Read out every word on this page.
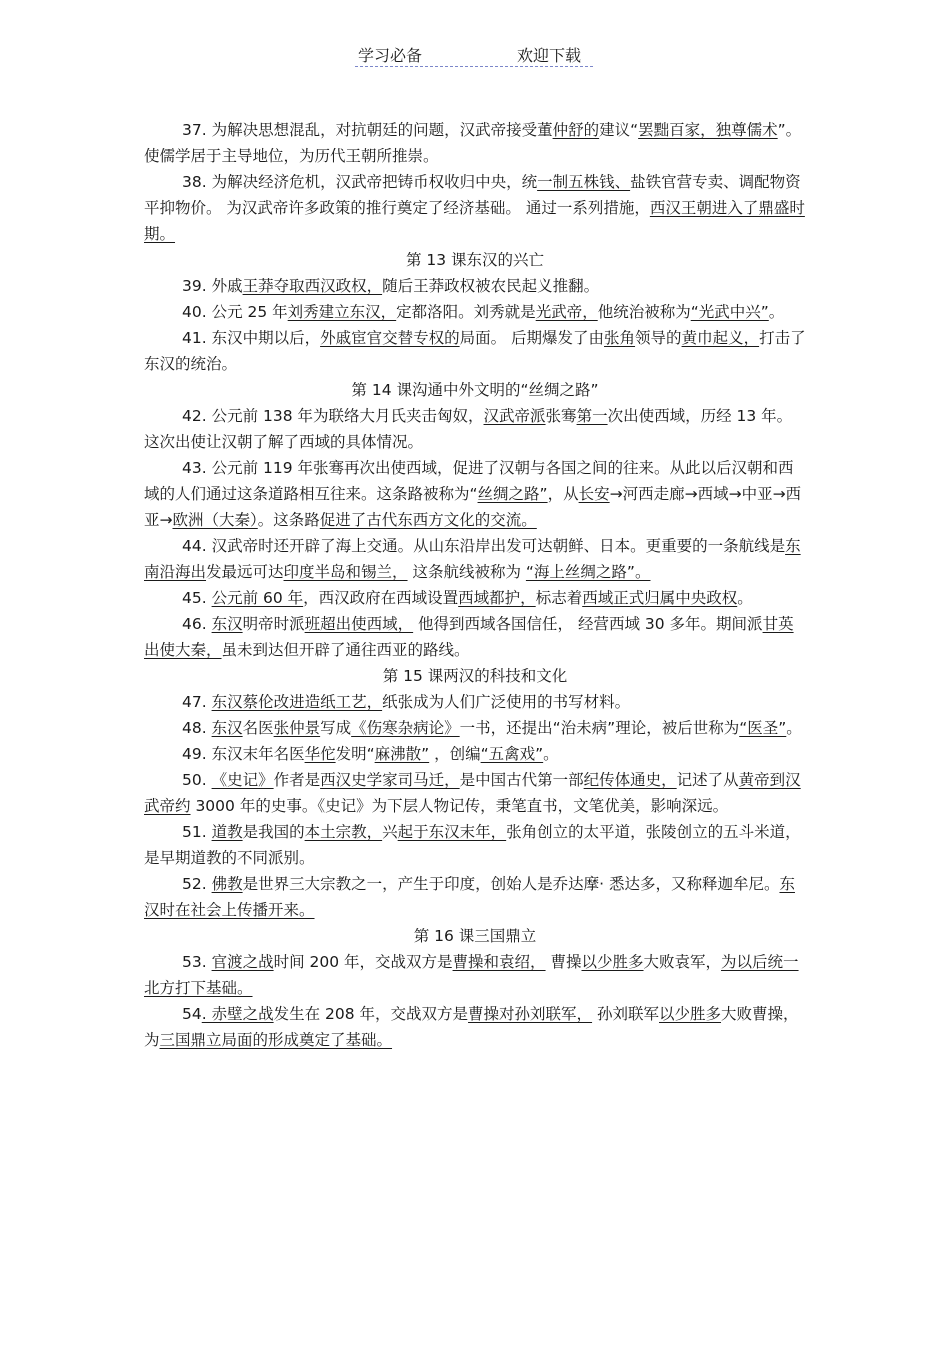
学习必备	欢迎下载

37. 为解决思想混乱，对抗朝廷的问题，汉武帝接受董仲舒的建议“罢黜百家，独尊儒术”。使儒学居于主导地位，为历代王朝所推崇。

38. 为解决经济危机，汉武帝把铸币权收归中央，统一制五株钱、盐铁官营专卖、调配物资平抑物价。 为汉武帝许多政策的推行奠定了经济基础。 通过一系列措施，西汉王朝进入了鼎盛时期。

第 13 课东汉的兴亡

39. 外戚王莽夺取西汉政权，随后王莽政权被农民起义推翻。

40. 公元 25 年刘秀建立东汉，定都洛阳。刘秀就是光武帝，他统治被称为“光武中兴”。

41. 东汉中期以后，外戚宦官交替专权的局面。 后期爆发了由张角领导的黄巾起义，打击了东汉的统治。

第 14 课沟通中外文明的“丝绸之路”

42. 公元前 138 年为联络大月氏夹击匈奴，汉武帝派张骞第一次出使西域，历经 13 年。这次出使让汉朝了解了西域的具体情况。

43. 公元前 119 年张骞再次出使西域，促进了汉朝与各国之间的往来。从此以后汉朝和西域的人们通过这条道路相互往来。这条路被称为“丝绸之路”，从长安→河西走廊→西域→中亚→西亚→欧洲（大秦）。这条路促进了古代东西方文化的交流。

44. 汉武帝时还开辟了海上交通。从山东沿岸出发可达朝鲜、日本。更重要的一条航线是东南沿海出发最远可达印度半岛和锡兰， 这条航线被称为 “海上丝绸之路”。

45. 公元前 60 年，西汉政府在西域设置西域都护，标志着西域正式归属中央政权。

46. 东汉明帝时派班超出使西域， 他得到西域各国信任， 经营西域 30 多年。期间派甘英出使大秦，虽未到达但开辟了通往西亚的路线。

第 15 课两汉的科技和文化

47. 东汉蔡伦改进造纸工艺，纸张成为人们广泛使用的书写材料。

48. 东汉名医张仲景写成《伤寒杂病论》一书，还提出“治未病”理论，被后世称为“医圣”。

49. 东汉末年名医华佗发明“麻沸散” ，创编“五禽戏”。

50. 《史记》作者是西汉史学家司马迁，是中国古代第一部纪传体通史，记述了从黄帝到汉武帝约 3000 年的史事。《史记》为下层人物记传，秉笔直书，文笔优美，影响深远。

51. 道教是我国的本土宗教，兴起于东汉末年，张角创立的太平道，张陵创立的五斗米道，是早期道教的不同派别。

52. 佛教是世界三大宗教之一，产生于印度，创始人是乔达摩· 悉达多，又称释迦牟尼。东汉时在社会上传播开来。

第 16 课三国鼎立

53. 官渡之战时间 200 年，交战双方是曹操和袁绍， 曹操以少胜多大败袁军，为以后统一北方打下基础。

54. 赤壁之战发生在 208 年，交战双方是曹操对孙刘联军， 孙刘联军以少胜多大败曹操，为三国鼎立局面的形成奠定了基础。
